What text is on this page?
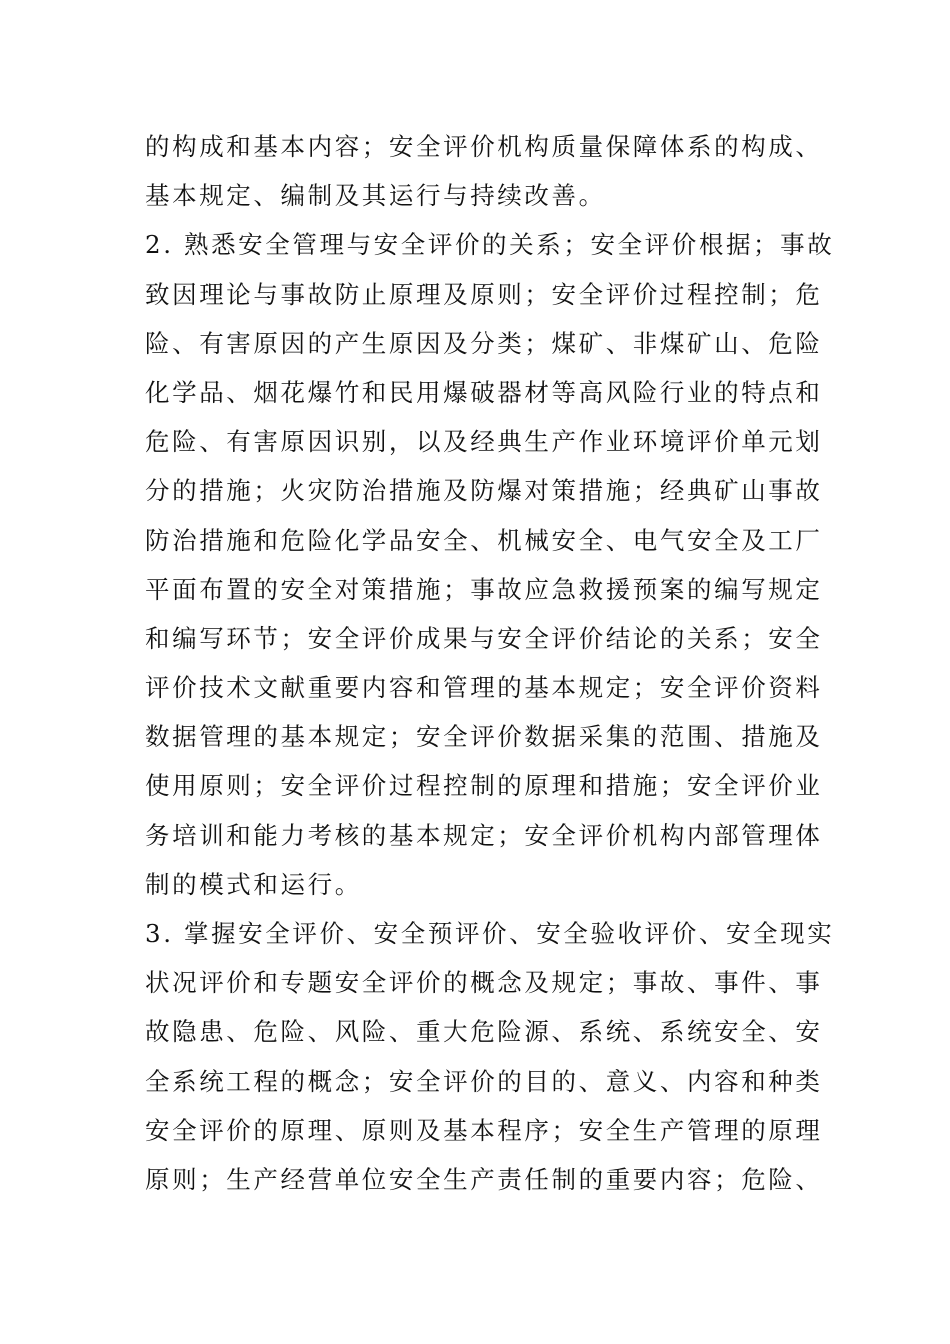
的构成和基本内容；安全评价机构质量保障体系的构成、
基本规定、编制及其运行与持续改善。
2. 熟悉安全管理与安全评价的关系；安全评价根据；事故
致因理论与事故防止原理及原则；安全评价过程控制；危
险、有害原因的产生原因及分类；煤矿、非煤矿山、危险
化学品、烟花爆竹和民用爆破器材等高风险行业的特点和
危险、有害原因识别，以及经典生产作业环境评价单元划
分的措施；火灾防治措施及防爆对策措施；经典矿山事故
防治措施和危险化学品安全、机械安全、电气安全及工厂
平面布置的安全对策措施；事故应急救援预案的编写规定
和编写环节；安全评价成果与安全评价结论的关系；安全
评价技术文献重要内容和管理的基本规定；安全评价资料
数据管理的基本规定；安全评价数据采集的范围、措施及
使用原则；安全评价过程控制的原理和措施；安全评价业
务培训和能力考核的基本规定；安全评价机构内部管理体
制的模式和运行。
3. 掌握安全评价、安全预评价、安全验收评价、安全现实
状况评价和专题安全评价的概念及规定；事故、事件、事
故隐患、危险、风险、重大危险源、系统、系统安全、安
全系统工程的概念；安全评价的目的、意义、内容和种类
安全评价的原理、原则及基本程序；安全生产管理的原理
原则；生产经营单位安全生产责任制的重要内容；危险、
